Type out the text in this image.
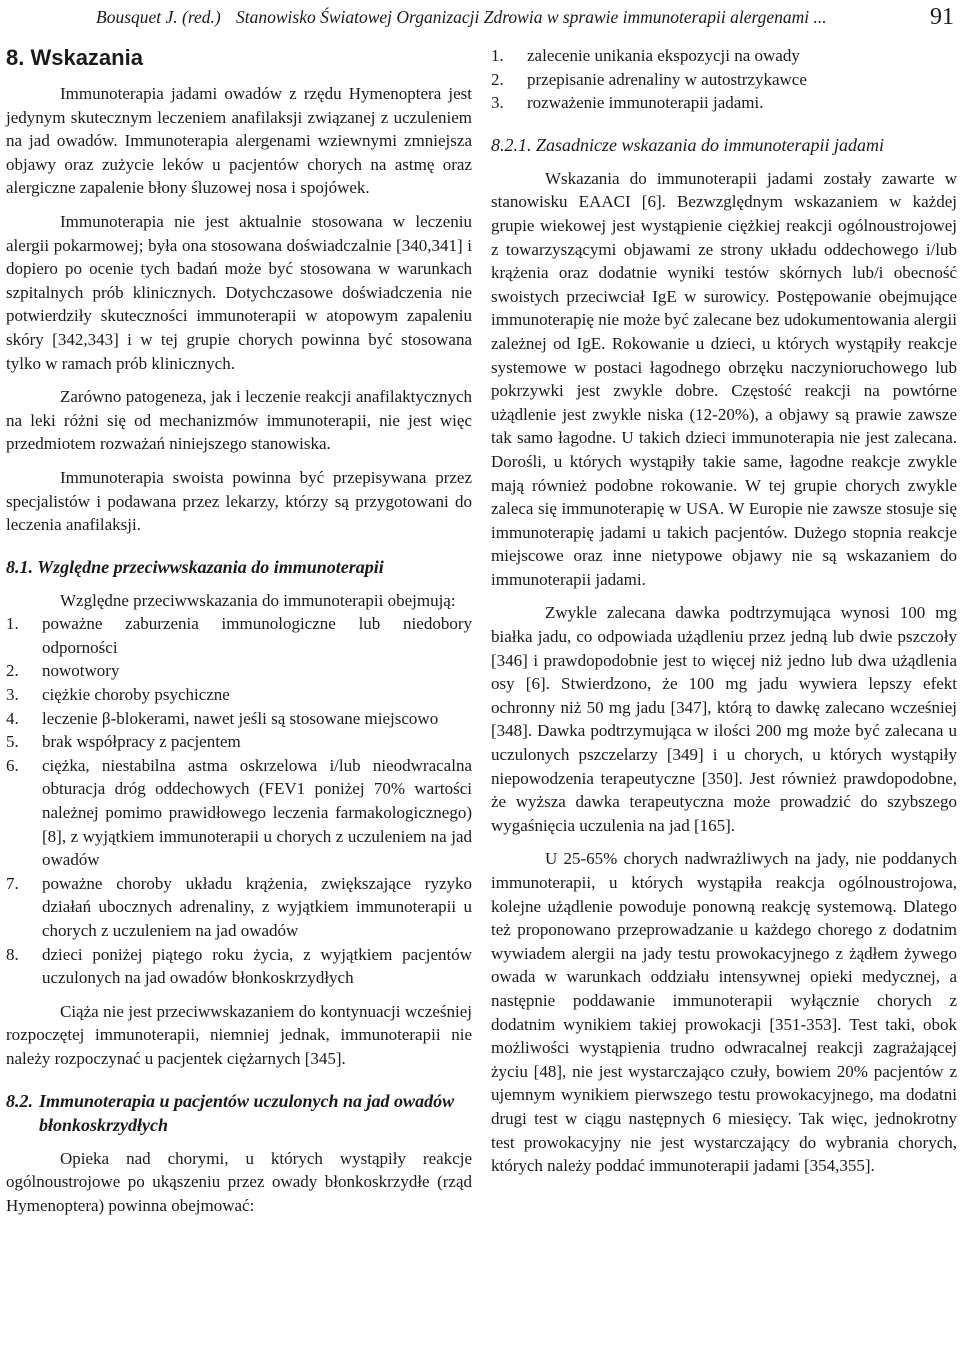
Bousquet J. (red.) Stanowisko Światowej Organizacji Zdrowia w sprawie immunoterapii alergenami ...	91
8. Wskazania

Immunoterapia jadami owadów z rzędu Hymenoptera jest jedynym skutecznym leczeniem anafilaksji związanej z uczuleniem na jad owadów. Immunoterapia alergenami wziewnymi zmniejsza objawy oraz zużycie leków u pacjentów chorych na astmę oraz alergiczne zapalenie błony śluzowej nosa i spojówek.

Immunoterapia nie jest aktualnie stosowana w leczeniu alergii pokarmowej; była ona stosowana doświadczalnie [340,341] i dopiero po ocenie tych badań może być stosowana w warunkach szpitalnych prób klinicznych. Dotychczasowe doświadczenia nie potwierdziły skuteczności immunoterapii w atopowym zapaleniu skóry [342,343] i w tej grupie chorych powinna być stosowana tylko w ramach prób klinicznych.

Zarówno patogeneza, jak i leczenie reakcji anafilaktycznych na leki różni się od mechanizmów immunoterapii, nie jest więc przedmiotem rozważań niniejszego stanowiska.

Immunoterapia swoista powinna być przepisywana przez specjalistów i podawana przez lekarzy, którzy są przygotowani do leczenia anafilaksji.

8.1. Względne przeciwwskazania do immunoterapii

Względne przeciwwskazania do immunoterapii obejmują:

1.	poważne zaburzenia immunologiczne lub niedobory odporności
2.	nowotwory
3.	ciężkie choroby psychiczne
4.	leczenie β-blokerami, nawet jeśli są stosowane miejscowo
5.	brak współpracy z pacjentem
6.	ciężka, niestabilna astma oskrzelowa i/lub nieodwracalna obturacja dróg oddechowych (FEV1 poniżej 70% wartości należnej pomimo prawidłowego leczenia farmakologicznego) [8], z wyjątkiem immunoterapii u chorych z uczuleniem na jad owadów
7.	poważne choroby układu krążenia, zwiększające ryzyko działań ubocznych adrenaliny, z wyjątkiem immunoterapii u chorych z uczuleniem na jad owadów
8.	dzieci poniżej piątego roku życia, z wyjątkiem pacjentów uczulonych na jad owadów błonkoskrzydłych

Ciąża nie jest przeciwwskazaniem do kontynuacji wcześniej rozpoczętej immunoterapii, niemniej jednak, immunoterapii nie należy rozpoczynać u pacjentek ciężarnych [345].

8.2. Immunoterapia u pacjentów uczulonych na jad owadów błonkoskrzydłych

Opieka nad chorymi, u których wystąpiły reakcje ogólnoustrojowe po ukąszeniu przez owady błonkoskrzydłe (rząd Hymenoptera) powinna obejmować:

1.	zalecenie unikania ekspozycji na owady
2.	przepisanie adrenaliny w autostrzykawce
3.	rozważenie immunoterapii jadami.
8.2.1. Zasadnicze wskazania do immunoterapii jadami

Wskazania do immunoterapii jadami zostały zawarte w stanowisku EAACI [6]. Bezwzględnym wskazaniem w każdej grupie wiekowej jest wystąpienie ciężkiej reakcji ogólnoustrojowej z towarzyszącymi objawami ze strony układu oddechowego i/lub krążenia oraz dodatnie wyniki testów skórnych lub/i obecność swoistych przeciwciał IgE w surowicy. Postępowanie obejmujące immunoterapię nie może być zalecane bez udokumentowania alergii zależnej od IgE. Rokowanie u dzieci, u których wystąpiły reakcje systemowe w postaci łagodnego obrzęku naczynioruchowego lub pokrzywki jest zwykle dobre. Częstość reakcji na powtórne użądlenie jest zwykle niska (12-20%), a objawy są prawie zawsze tak samo łagodne. U takich dzieci immunoterapia nie jest zalecana. Dorośli, u których wystąpiły takie same, łagodne reakcje zwykle mają również podobne rokowanie. W tej grupie chorych zwykle zaleca się immunoterapię w USA. W Europie nie zawsze stosuje się immunoterapię jadami u takich pacjentów. Dużego stopnia reakcje miejscowe oraz inne nietypowe objawy nie są wskazaniem do immunoterapii jadami.

Zwykle zalecana dawka podtrzymująca wynosi 100 mg białka jadu, co odpowiada użądleniu przez jedną lub dwie pszczoły [346] i prawdopodobnie jest to więcej niż jedno lub dwa użądlenia osy [6]. Stwierdzono, że 100 mg jadu wywiera lepszy efekt ochronny niż 50 mg jadu [347], którą to dawkę zalecano wcześniej [348]. Dawka podtrzymująca w ilości 200 mg może być zalecana u uczulonych pszczelarzy [349] i u chorych, u których wystąpiły niepowodzenia terapeutyczne [350]. Jest również prawdopodobne, że wyższa dawka terapeutyczna może prowadzić do szybszego wygaśnięcia uczulenia na jad [165].

U 25-65% chorych nadwrażliwych na jady, nie poddanych immunoterapii, u których wystąpiła reakcja ogólnoustrojowa, kolejne użądlenie powoduje ponowną reakcję systemową. Dlatego też proponowano przeprowadzanie u każdego chorego z dodatnim wywiadem alergii na jady testu prowokacyjnego z żądłem żywego owada w warunkach oddziału intensywnej opieki medycznej, a następnie poddawanie immunoterapii wyłącznie chorych z dodatnim wynikiem takiej prowokacji [351-353]. Test taki, obok możliwości wystąpienia trudno odwracalnej reakcji zagrażającej życiu [48], nie jest wystarczająco czuły, bowiem 20% pacjentów z ujemnym wynikiem pierwszego testu prowokacyjnego, ma dodatni drugi test w ciągu następnych 6 miesięcy. Tak więc, jednokrotny test prowokacyjny nie jest wystarczający do wybrania chorych, których należy poddać immunoterapii jadami [354,355].
